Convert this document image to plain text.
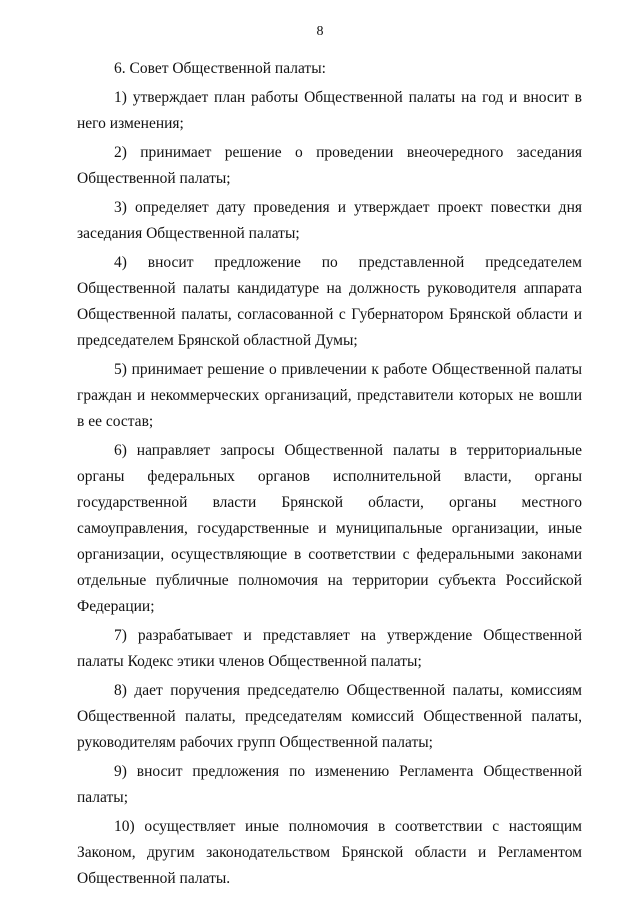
8

6. Совет Общественной палаты:

1) утверждает план работы Общественной палаты на год и вносит в него изменения;

2) принимает решение о проведении внеочередного заседания Общественной палаты;

3) определяет дату проведения и утверждает проект повестки дня заседания Общественной палаты;

4) вносит предложение по представленной председателем Общественной палаты кандидатуре на должность руководителя аппарата Общественной палаты, согласованной с Губернатором Брянской области и председателем Брянской областной Думы;

5) принимает решение о привлечении к работе Общественной палаты граждан и некоммерческих организаций, представители которых не вошли в ее состав;

6) направляет запросы Общественной палаты в территориальные органы федеральных органов исполнительной власти, органы государственной власти Брянской области, органы местного самоуправления, государственные и муниципальные организации, иные организации, осуществляющие в соответствии с федеральными законами отдельные публичные полномочия на территории субъекта Российской Федерации;

7) разрабатывает и представляет на утверждение Общественной палаты Кодекс этики членов Общественной палаты;

8) дает поручения председателю Общественной палаты, комиссиям Общественной палаты, председателям комиссий Общественной палаты, руководителям рабочих групп Общественной палаты;

9) вносит предложения по изменению Регламента Общественной палаты;

10) осуществляет иные полномочия в соответствии с настоящим Законом, другим законодательством Брянской области и Регламентом Общественной палаты.
